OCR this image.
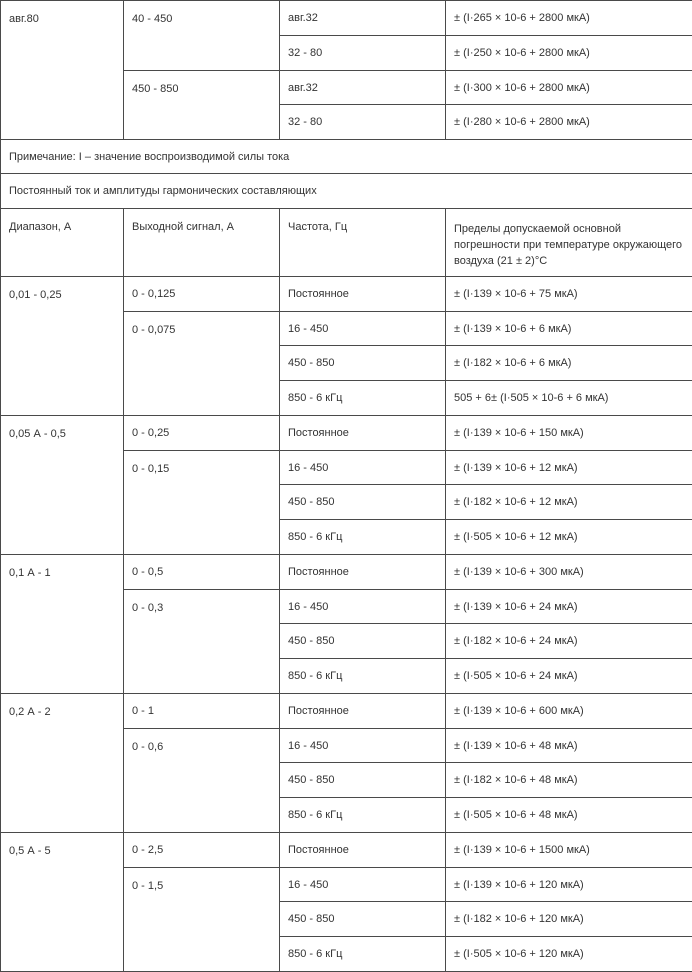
авг.80	40 - 450	авг.32	± (I·265 × 10-6 + 2800 мкА)
		32 - 80	± (I·250 × 10-6 + 2800 мкА)
	450 - 850	авг.32	± (I·300 × 10-6 + 2800 мкА)
		32 - 80	± (I·280 × 10-6 + 2800 мкА)
Примечание: I – значение воспроизводимой силы тока			
Постоянный ток и амплитуды гармонических составляющих			
Диапазон, А	Выходной сигнал, А	Частота, Гц	Пределы допускаемой основной погрешности при температуре окружающего воздуха (21 ± 2)°С
0,01 - 0,25	0 - 0,125	Постоянное	± (I·139 × 10-6 + 75 мкА)
	0 - 0,075	16 - 450	± (I·139 × 10-6 + 6 мкА)
		450 - 850	± (I·182 × 10-6 + 6 мкА)
		850 - 6 кГц	505 + 6± (I·505 × 10-6 + 6 мкА)
0,05 А - 0,5	0 - 0,25	Постоянное	± (I·139 × 10-6 + 150 мкА)
	0 - 0,15	16 - 450	± (I·139 × 10-6 + 12 мкА)
		450 - 850	± (I·182 × 10-6 + 12 мкА)
		850 - 6 кГц	± (I·505 × 10-6 + 12 мкА)
0,1 А - 1	0 - 0,5	Постоянное	± (I·139 × 10-6 + 300 мкА)
	0 - 0,3	16 - 450	± (I·139 × 10-6 + 24 мкА)
		450 - 850	± (I·182 × 10-6 + 24 мкА)
		850 - 6 кГц	± (I·505 × 10-6 + 24 мкА)
0,2 А - 2	0 - 1	Постоянное	± (I·139 × 10-6 + 600 мкА)
	0 - 0,6	16 - 450	± (I·139 × 10-6 + 48 мкА)
		450 - 850	± (I·182 × 10-6 + 48 мкА)
		850 - 6 кГц	± (I·505 × 10-6 + 48 мкА)
0,5 А - 5	0 - 2,5	Постоянное	± (I·139 × 10-6 + 1500 мкА)
	0 - 1,5	16 - 450	± (I·139 × 10-6 + 120 мкА)
		450 - 850	± (I·182 × 10-6 + 120 мкА)
		850 - 6 кГц	± (I·505 × 10-6 + 120 мкА)
